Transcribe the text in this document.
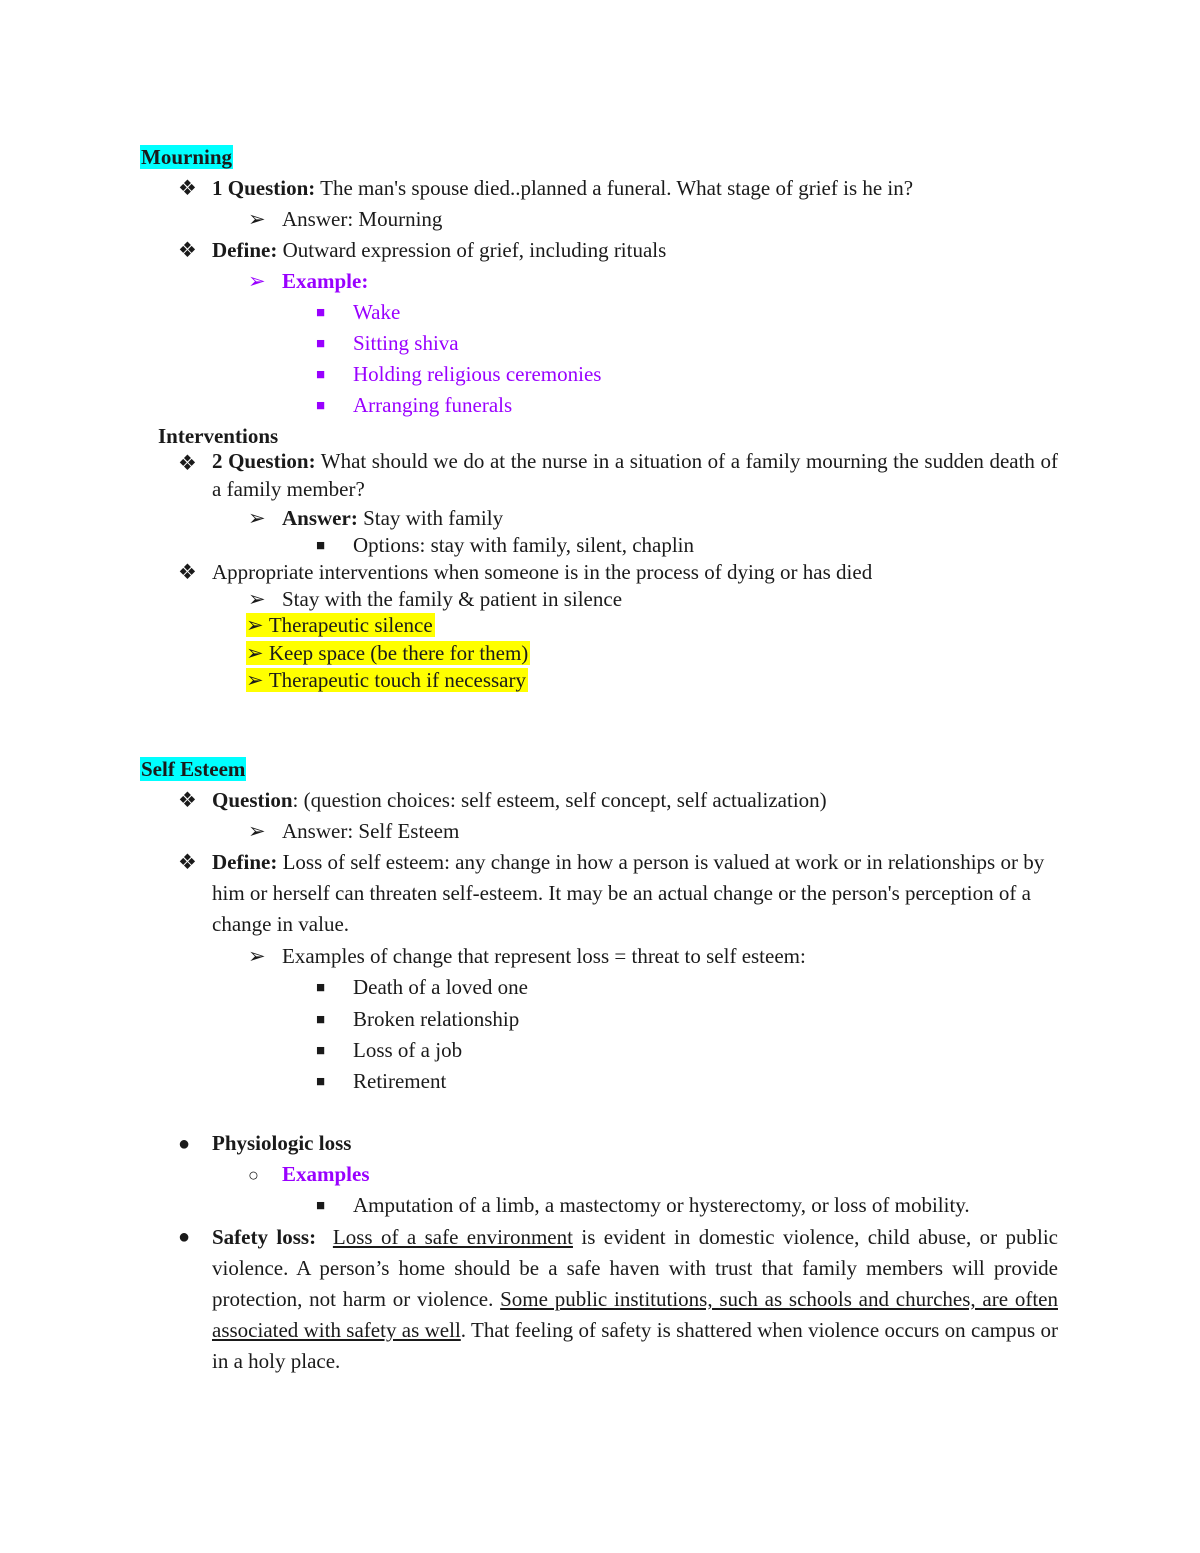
Mourning
❖ 1 Question: The man's spouse died..planned a funeral. What stage of grief is he in?
➢ Answer: Mourning
❖ Define: Outward expression of grief, including rituals
➢ Example:
■ Wake
■ Sitting shiva
■ Holding religious ceremonies
■ Arranging funerals
Interventions
❖ 2 Question: What should we do at the nurse in a situation of a family mourning the sudden death of a family member?
➢ Answer: Stay with family
■ Options: stay with family, silent, chaplin
❖ Appropriate interventions when someone is in the process of dying or has died
➢ Stay with the family & patient in silence
➢ Therapeutic silence
➢ Keep space (be there for them)
➢ Therapeutic touch if necessary
Self Esteem
❖ Question: (question choices: self esteem, self concept, self actualization)
➢ Answer: Self Esteem
❖ Define: Loss of self esteem: any change in how a person is valued at work or in relationships or by him or herself can threaten self-esteem. It may be an actual change or the person's perception of a change in value.
➢ Examples of change that represent loss = threat to self esteem:
■ Death of a loved one
■ Broken relationship
■ Loss of a job
■ Retirement
● Physiologic loss
○ Examples
■ Amputation of a limb, a mastectomy or hysterectomy, or loss of mobility.
● Safety loss: Loss of a safe environment is evident in domestic violence, child abuse, or public violence. A person’s home should be a safe haven with trust that family members will provide protection, not harm or violence. Some public institutions, such as schools and churches, are often associated with safety as well. That feeling of safety is shattered when violence occurs on campus or in a holy place.
